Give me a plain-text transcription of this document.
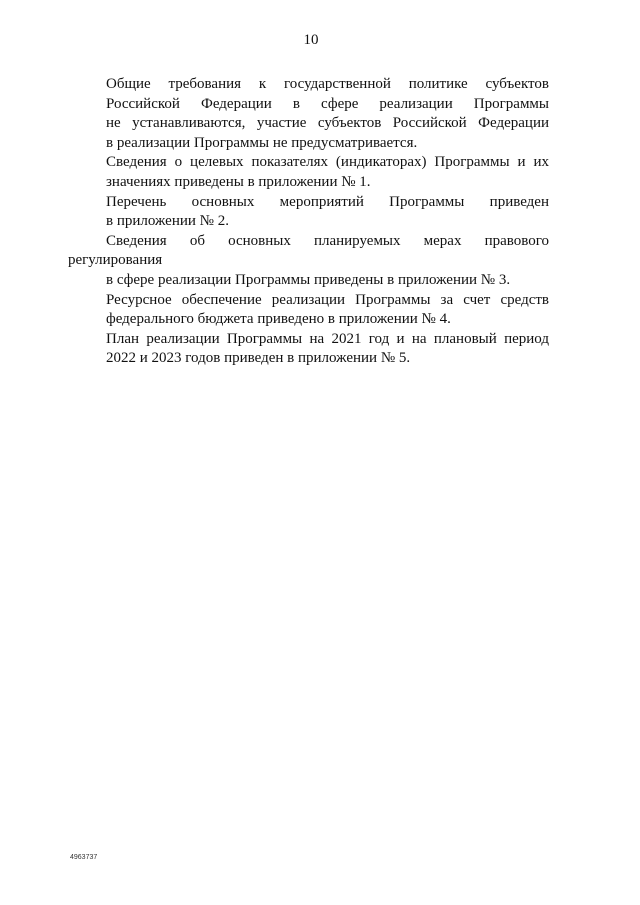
10

Общие требования к государственной политике субъектов
Российской Федерации в сфере реализации Программы
не устанавливаются, участие субъектов Российской Федерации
в реализации Программы не предусматривается.

Сведения о целевых показателях (индикаторах) Программы и их
значениях приведены в приложении № 1.

Перечень основных мероприятий Программы приведен
в приложении № 2.

Сведения об основных планируемых мерах правового регулирования
в сфере реализации Программы приведены в приложении № 3.

Ресурсное обеспечение реализации Программы за счет средств
федерального бюджета приведено в приложении № 4.

План реализации Программы на 2021 год и на плановый период
2022 и 2023 годов приведен в приложении № 5.

4963737
